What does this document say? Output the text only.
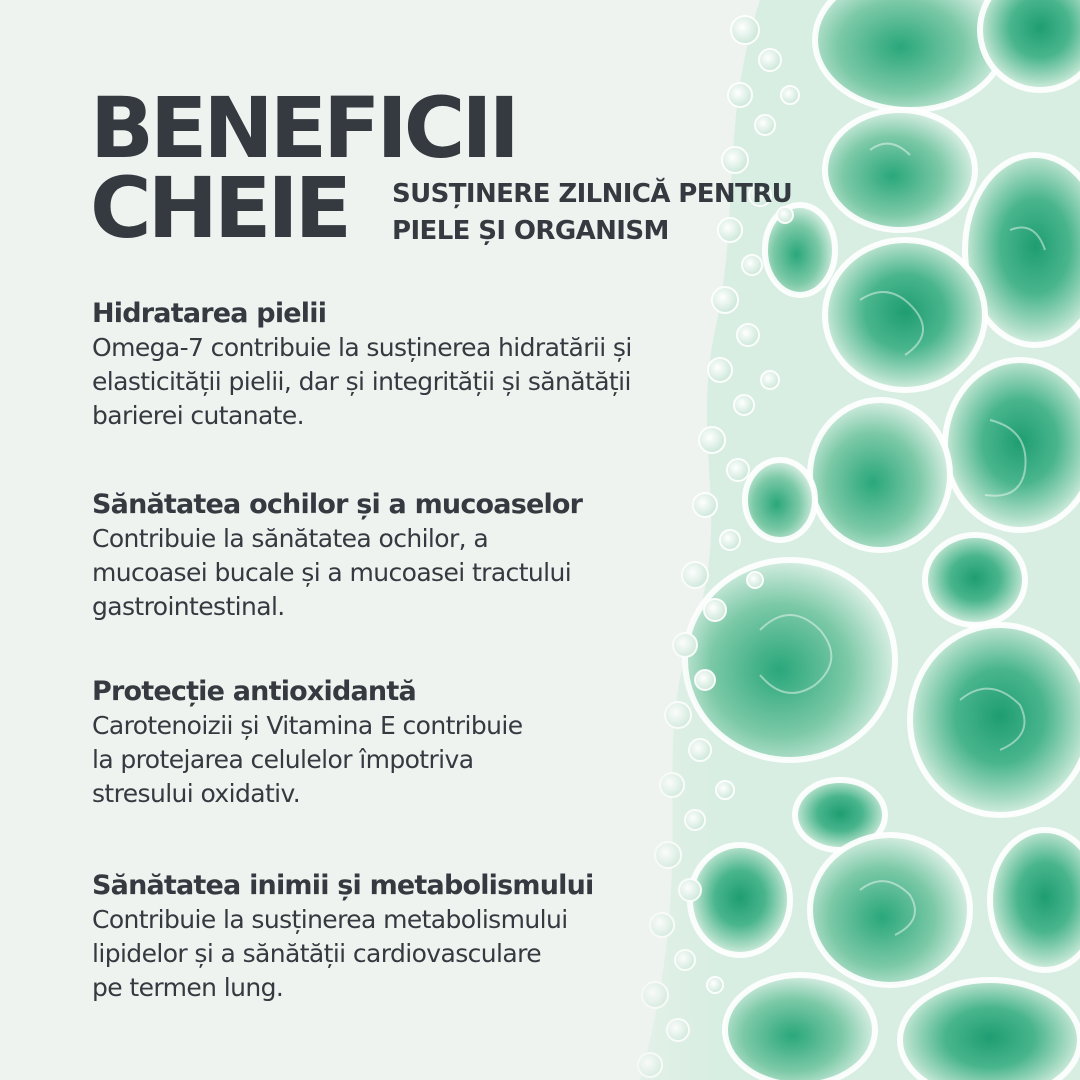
BENEFICII
CHEIE	SUSȚINERE ZILNICĂ PENTRU
PIELE ȘI ORGANISM
Hidratarea pielii

Omega-7 contribuie la susținerea hidratării și
elasticității pielii, dar și integrității și sănătății
barierei cutanate.

Sănătatea ochilor și a mucoaselor

Contribuie la sănătatea ochilor, a
mucoasei bucale și a mucoasei tractului
gastrointestinal.

Protecție antioxidantă

Carotenoizii și Vitamina E contribuie
la protejarea celulelor împotriva
stresului oxidativ.

Sănătatea inimii și metabolismului

Contribuie la susținerea metabolismului
lipidelor și a sănătății cardiovasculare
pe termen lung.
